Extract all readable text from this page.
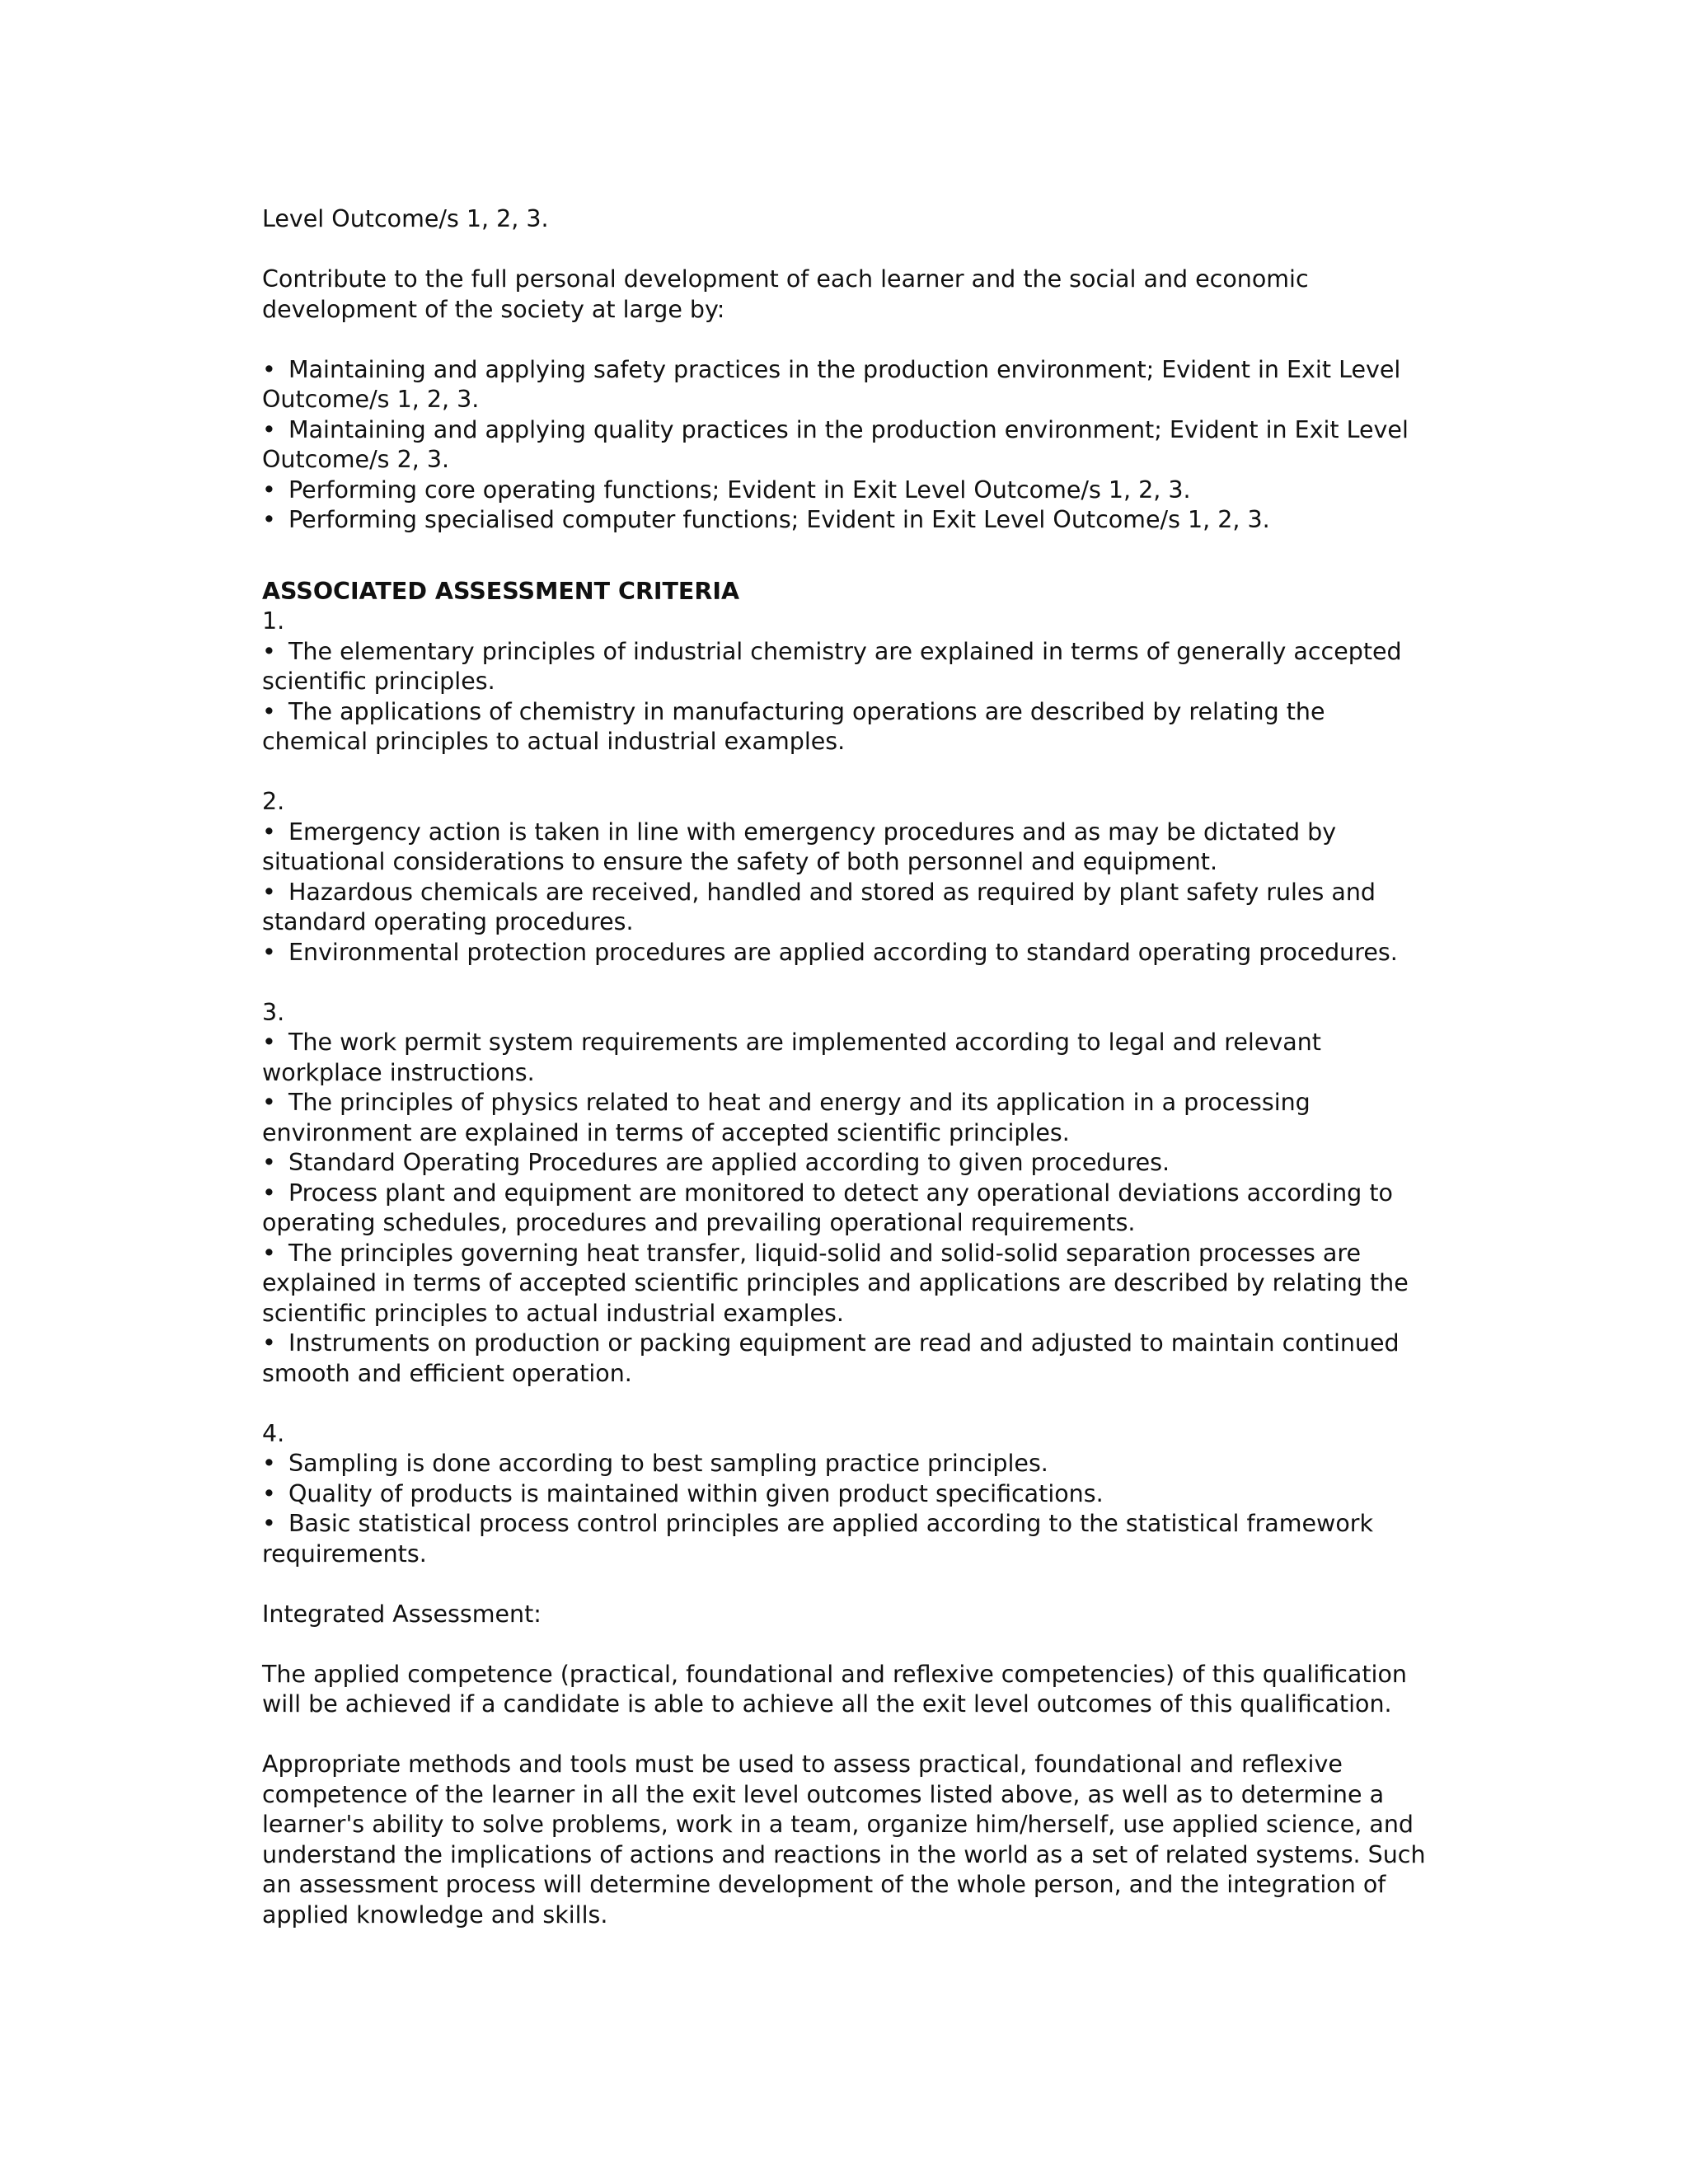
Level Outcome/s 1, 2, 3.

Contribute to the full personal development of each learner and the social and economic development of the society at large by:

• Maintaining and applying safety practices in the production environment; Evident in Exit Level Outcome/s 1, 2, 3.

• Maintaining and applying quality practices in the production environment; Evident in Exit Level Outcome/s 2, 3.

• Performing core operating functions; Evident in Exit Level Outcome/s 1, 2, 3.

• Performing specialised computer functions; Evident in Exit Level Outcome/s 1, 2, 3.

ASSOCIATED ASSESSMENT CRITERIA

1.

• The elementary principles of industrial chemistry are explained in terms of generally accepted scientific principles.

• The applications of chemistry in manufacturing operations are described by relating the chemical principles to actual industrial examples.

2.

• Emergency action is taken in line with emergency procedures and as may be dictated by situational considerations to ensure the safety of both personnel and equipment.

• Hazardous chemicals are received, handled and stored as required by plant safety rules and standard operating procedures.

• Environmental protection procedures are applied according to standard operating procedures.

3.

• The work permit system requirements are implemented according to legal and relevant workplace instructions.

• The principles of physics related to heat and energy and its application in a processing environment are explained in terms of accepted scientific principles.

• Standard Operating Procedures are applied according to given procedures.

• Process plant and equipment are monitored to detect any operational deviations according to operating schedules, procedures and prevailing operational requirements.

• The principles governing heat transfer, liquid-solid and solid-solid separation processes are explained in terms of accepted scientific principles and applications are described by relating the scientific principles to actual industrial examples.

• Instruments on production or packing equipment are read and adjusted to maintain continued smooth and efficient operation.

4.

• Sampling is done according to best sampling practice principles.

• Quality of products is maintained within given product specifications.

• Basic statistical process control principles are applied according to the statistical framework requirements.

Integrated Assessment:

The applied competence (practical, foundational and reflexive competencies) of this qualification will be achieved if a candidate is able to achieve all the exit level outcomes of this qualification.

Appropriate methods and tools must be used to assess practical, foundational and reflexive competence of the learner in all the exit level outcomes listed above, as well as to determine a learner's ability to solve problems, work in a team, organize him/herself, use applied science, and understand the implications of actions and reactions in the world as a set of related systems. Such an assessment process will determine development of the whole person, and the integration of applied knowledge and skills.
